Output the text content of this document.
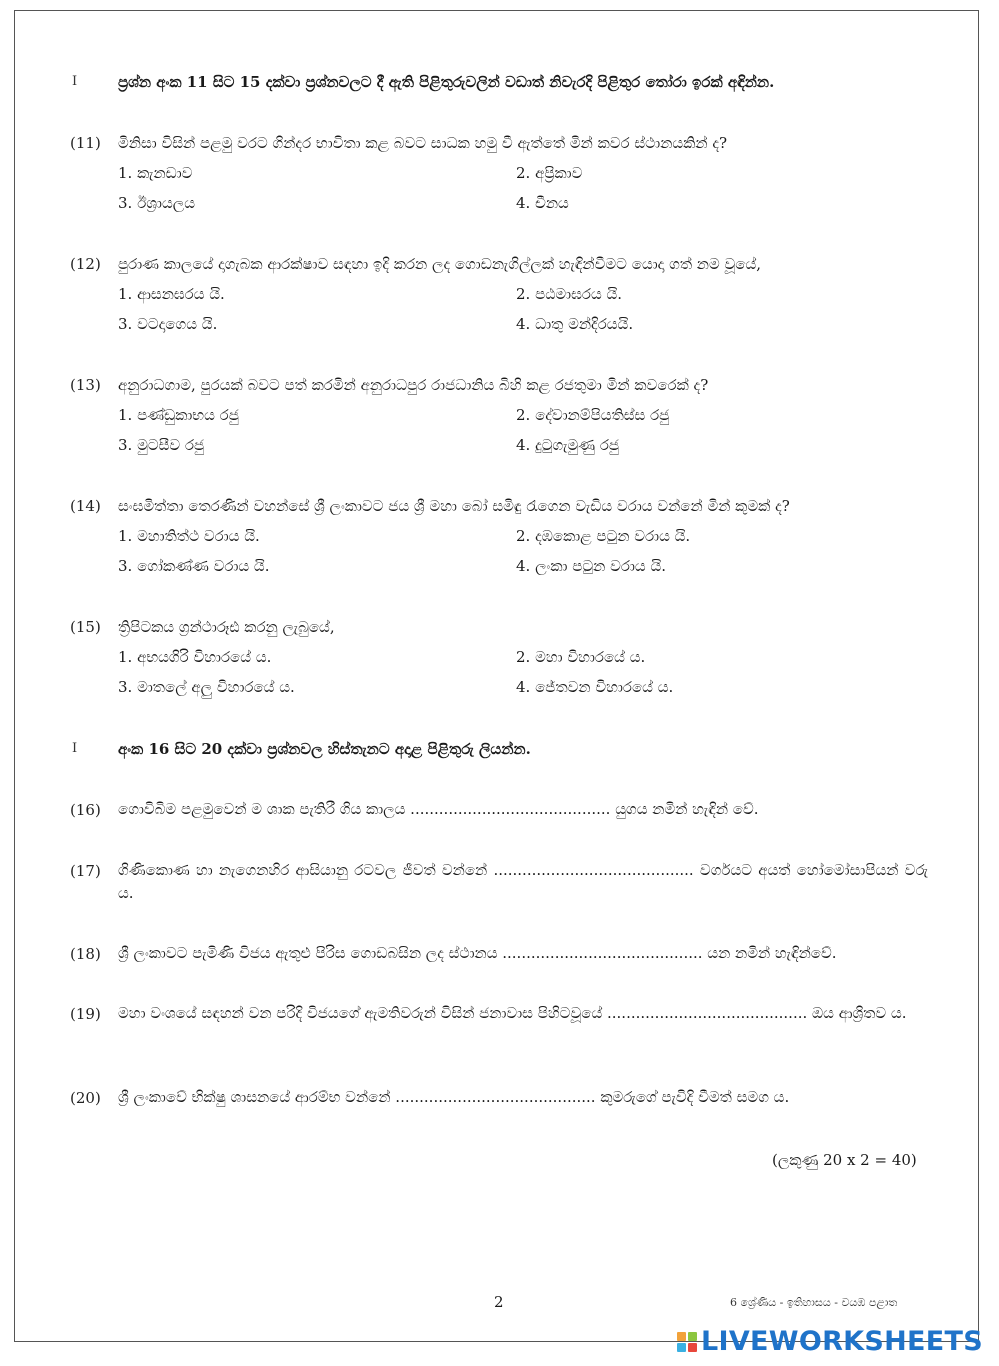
I	ප්‍රශ්න අංක 11 සිට 15 දක්වා ප්‍රශ්නවලට දී ඇති පිළිතුරුවලින් වඩාත් නිවැරදි පිළිතුර තෝරා ඉරක් අඳින්න.
(11) මිනිසා විසින් පළමු වරට ගින්දර භාවිතා කළ බවට සාධක හමු වී ඇත්තේ මින් කවර ස්ථානයකින් ද?
1. කැනඩාව	2. අප්‍රිකාව
3. ඊශ්‍රායලය	4. චීනය
(12) පුරාණ කාලයේ දාගැබක ආරක්ෂාව සඳහා ඉදි කරන ලද ගොඩනැගිල්ලක් හැඳින්වීමට යොදා ගත් නම වූයේ,
1. ආසනඝරය යි.	2. පඨමාඝරය යි.
3. වටදාගෙය යි.	4. ධාතු මන්දිරයයි.
(13) අනුරාධගාම, පුරයක් බවට පත් කරමින් අනුරාධපුර රාජධානිය බිහි කළ රජතුමා මින් කවරෙක් ද?
1. පණ්ඩුකාභය රජු	2. දේවානම්පියතිස්ස රජු
3. මුටසීව රජු	4. දුටුගැමුණු රජු
(14) සංඝමිත්තා තෙරණින් වහන්සේ ශ්‍රී ලංකාවට ජය ශ්‍රී මහා බෝ සමිඳු රැගෙන වැඩිය වරාය වන්නේ මින් කුමක් ද?
1. මහාතිත්ථ වරාය යි.	2. දඹකොළ පටුන වරාය යි.
3. ගෝකණ්ණ වරාය යි.	4. ලංකා පටුන වරාය යි.
(15) ත්‍රිපිටකය ග්‍රන්ථාරූඪ කරනු ලැබුයේ,
1. අභයගිරි විහාරයේ ය.	2. මහා විහාරයේ ය.
3. මාතලේ අලු විහාරයේ ය.	4. ජේතවන විහාරයේ ය.
I	අංක 16 සිට 20 දක්වා ප්‍රශ්නවල හිස්තැනට අදාළ පිළිතුරු ලියන්න.
(16) ගොවිබිම පළමුවෙන් ම ශාක පැතිරී ගිය කාලය .......................................... යුගය නමින් හැඳින් වේ.
(17) ගිණිකොණ හා නැගෙනහිර ආසියානු රටවල ජීවත් වන්නේ .......................................... වර්ගයට අයත් හෝමෝසාපියන් වරු ය.
(18) ශ්‍රී ලංකාවට පැමිණි විජය ඇතුළු පිරිස ගොඩබසින ලද ස්ථානය .......................................... යන නමින් හැඳින්වේ.
(19) මහා වංශයේ සඳහන් වන පරිදි විජයගේ ඇමතිවරුන් විසින් ජනාවාස පිහිටවූයේ .......................................... ඔය ආශ්‍රිතව ය.
(20) ශ්‍රී ලංකාවේ භික්ෂු ශාසනයේ ආරම්භ වන්නේ .......................................... කුමරුගේ පැවිදි වීමත් සමග ය.
(ලකුණු 20 x 2 = 40)
2	6 ශ්‍රේණිය - ඉතිහාසය - වයඹ පළාත
LIVEWORKSHEETS
